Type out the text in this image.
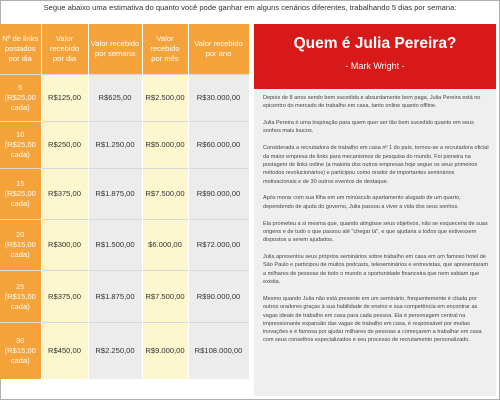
Segue abaixo uma estimativa do quanto você pode ganhar em alguns cenários diferentes, trabalhando 5 dias por semana:
Nº de links postados por dia	Valor recebido por dia	Valor recebido por semana	Valor recebido por mês	Valor recebido por ano
5 (R$25,00 cada)	R$125,00	R$625,00	R$2.500,00	R$30.000,00
10 (R$25,00 cada)	R$250,00	R$1.250,00	R$5.000,00	R$60.000,00
15 (R$25,00 cada)	R$375,00	R$1.875,00	R$7.500,00	R$90.000,00
20 (R$15,00 cada)	R$300,00	R$1.500,00	$6.000,00	R$72.000,00
25 (R$15,00 cada)	R$375,00	R$1.875,00	R$7.500,00	R$90.000,00
30 (R$15,00 cada)	R$450,00	R$2.250,00	R$9.000,00	R$108.000,00
Quem é Julia Pereira?
- Mark Wright -

Depois de 8 anos sendo bem sucedida e absurdamente bem paga, Julia Pereira está no epicentro do mercado de trabalho em casa, tanto online quanto offline.

Julia Pereira é uma inspiração para quem quer ser tão bem sucedido quanto em seus sonhos mais loucos.

Considerada a recrutadora de trabalho em casa nº 1 do país, tornou-se a recrutadora oficial da maior empresa de links para mecanismos de pesquisa do mundo. Foi pioneira na postagem de links online (a maioria dos outros empresas hoje segue os seus primeiros métodos revolucionários) e participou como orador de importantes seminários motivacionais e de 30 outros eventos de destaque.

Após morar com sua filha em um minúsculo apartamento alugado de um quarto, dependendo de ajuda do governo, Julia passou a viver a vida dos seus sonhos.

Ela prometeu a si mesma que, quando atingisse seus objetivos, não se esqueceria de suas origens e de tudo o que passou até "chegar lá", e que ajudaria a todos que estivessem dispostos a serem ajudados.

Julia apresentou seus próprios seminários sobre trabalho em casa em um famoso hotel de São Paulo e participou de muitos podcasts, teleseminários e entrevistas, que apresentaram a milhares de pessoas de todo o mundo a oportunidade financeira que nem sabiam que existia.

Mesmo quando Julia não está presente em um seminário, frequentemente é citada por outros oradores graças à sua habilidade de ensino e sua competência em encontrar as vagas ideais de trabalho em casa para cada pessoa. Ela é personagem central na impressionante expansão das vagas de trabalho em casa, é responsável por muitas inovações e é famosa por ajudar milhares de pessoas a começarem a trabalhar em casa com seus conselhos especializados e seu processo de recrutamento personalizado.
